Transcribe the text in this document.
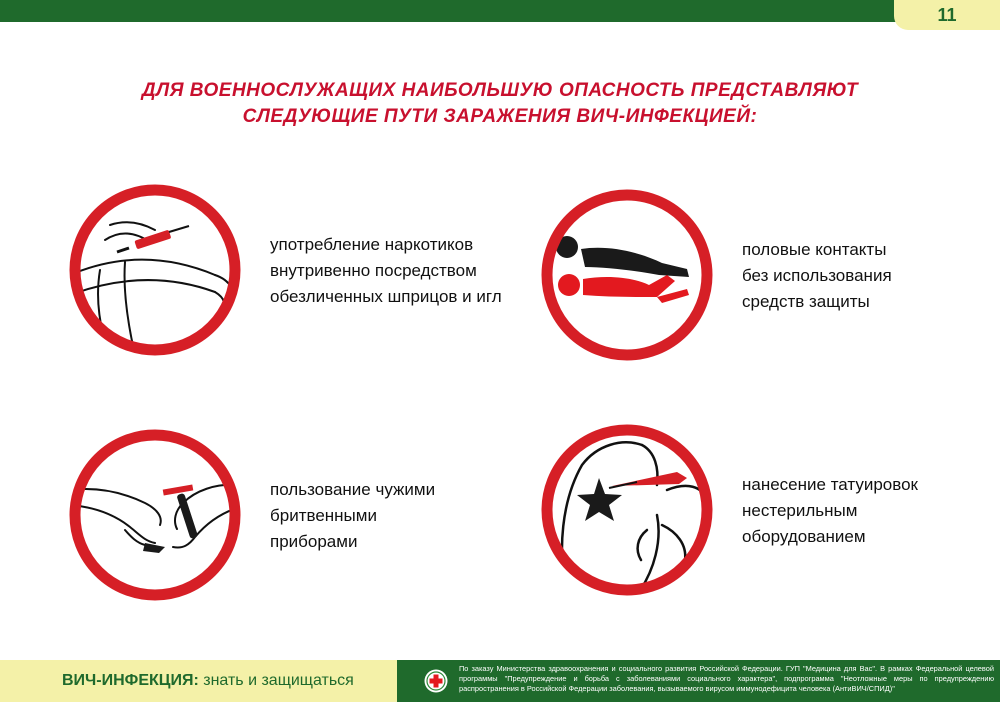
11
ДЛЯ ВОЕННОСЛУЖАЩИХ НАИБОЛЬШУЮ ОПАСНОСТЬ ПРЕДСТАВЛЯЮТ
СЛЕДУЮЩИЕ ПУТИ ЗАРАЖЕНИЯ ВИЧ-ИНФЕКЦИЕЙ:
употребление наркотиков
внутривенно посредством
обезличенных шприцов и игл
половые контакты
без использования
средств защиты
пользование чужими
бритвенными
приборами
нанесение татуировок
нестерильным
оборудованием
ВИЧ-ИНФЕКЦИЯ: знать и защищаться
По заказу Министерства здравоохранения и социального развития Российской Федерации. ГУП "Медицина для Вас". В рамках Федеральной целевой программы "Предупреждение и борьба с заболеваниями социального характера", подпрограмма "Неотложные меры по предупреждению распространения в Российской Федерации заболевания, вызываемого вирусом иммунодефицита человека (АнтиВИЧ/СПИД)"
